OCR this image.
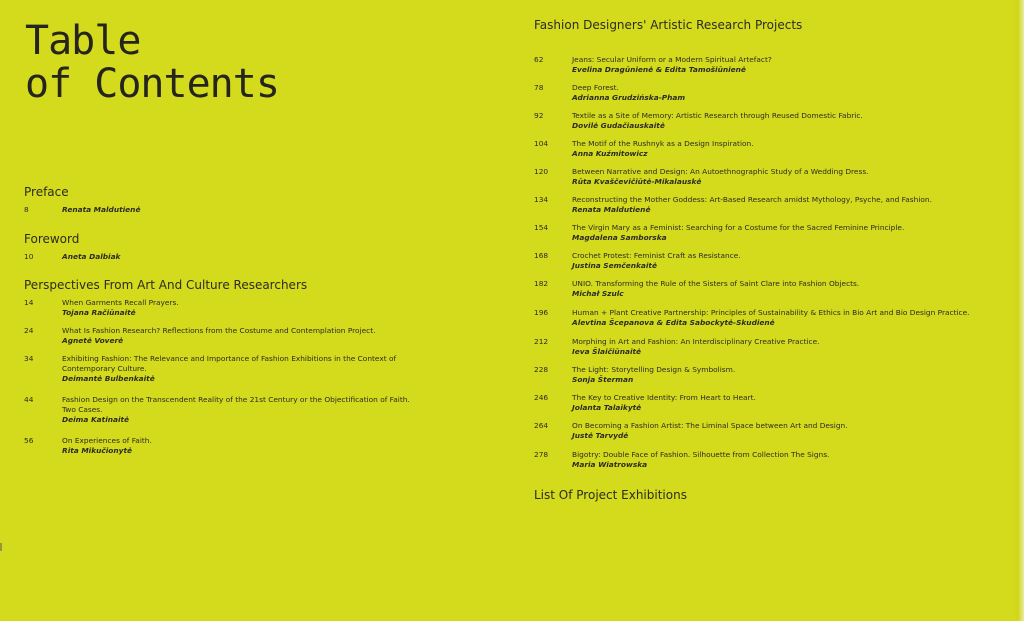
Table
of Contents
Preface
8	Renata Maldutienė
Foreword
10	Aneta Dalbiak
Perspectives From Art And Culture Researchers
14	When Garments Recall Prayers.
Tojana Račiūnaitė
24	What Is Fashion Research? Reflections from the Costume and Contemplation Project.
Agnetė Voverė
34	Exhibiting Fashion: The Relevance and Importance of Fashion Exhibitions in the Context of
Contemporary Culture.
Deimantė Bulbenkaitė
44	Fashion Design on the Transcendent Reality of the 21st Century or the Objectification of Faith.
Two Cases.
Deima Katinaitė
56	On Experiences of Faith.
Rita Mikučionytė
Fashion Designers' Artistic Research Projects
62	Jeans: Secular Uniform or a Modern Spiritual Artefact?
Evelina Dragūnienė & Edita Tamošiūnienė
78	Deep Forest.
Adrianna Grudzińska-Pham
92	Textile as a Site of Memory: Artistic Research through Reused Domestic Fabric.
Dovilė Gudačiauskaitė
104	The Motif of the Rushnyk as a Design Inspiration.
Anna Kuźmitowicz
120	Between Narrative and Design: An Autoethnographic Study of a Wedding Dress.
Rūta Kvaščevičiūtė-Mikalauskė
134	Reconstructing the Mother Goddess: Art-Based Research amidst Mythology, Psyche, and Fashion.
Renata Maldutienė
154	The Virgin Mary as a Feminist: Searching for a Costume for the Sacred Feminine Principle.
Magdalena Samborska
168	Crochet Protest: Feminist Craft as Resistance.
Justina Semčenkaitė
182	UNIO. Transforming the Rule of the Sisters of Saint Clare into Fashion Objects.
Michał Szulc
196	Human + Plant Creative Partnership: Principles of Sustainability & Ethics in Bio Art and Bio Design Practice.
Alevtina Šcepanova & Edita Sabockytė-Skudienė
212	Morphing in Art and Fashion: An Interdisciplinary Creative Practice.
Ieva Šlaičiūnaitė
228	The Light: Storytelling Design & Symbolism.
Sonja Šterman
246	The Key to Creative Identity: From Heart to Heart.
Jolanta Talaikytė
264	On Becoming a Fashion Artist: The Liminal Space between Art and Design.
Justė Tarvydė
278	Bigotry: Double Face of Fashion. Silhouette from Collection The Signs.
Maria Wiatrowska
List Of Project Exhibitions
